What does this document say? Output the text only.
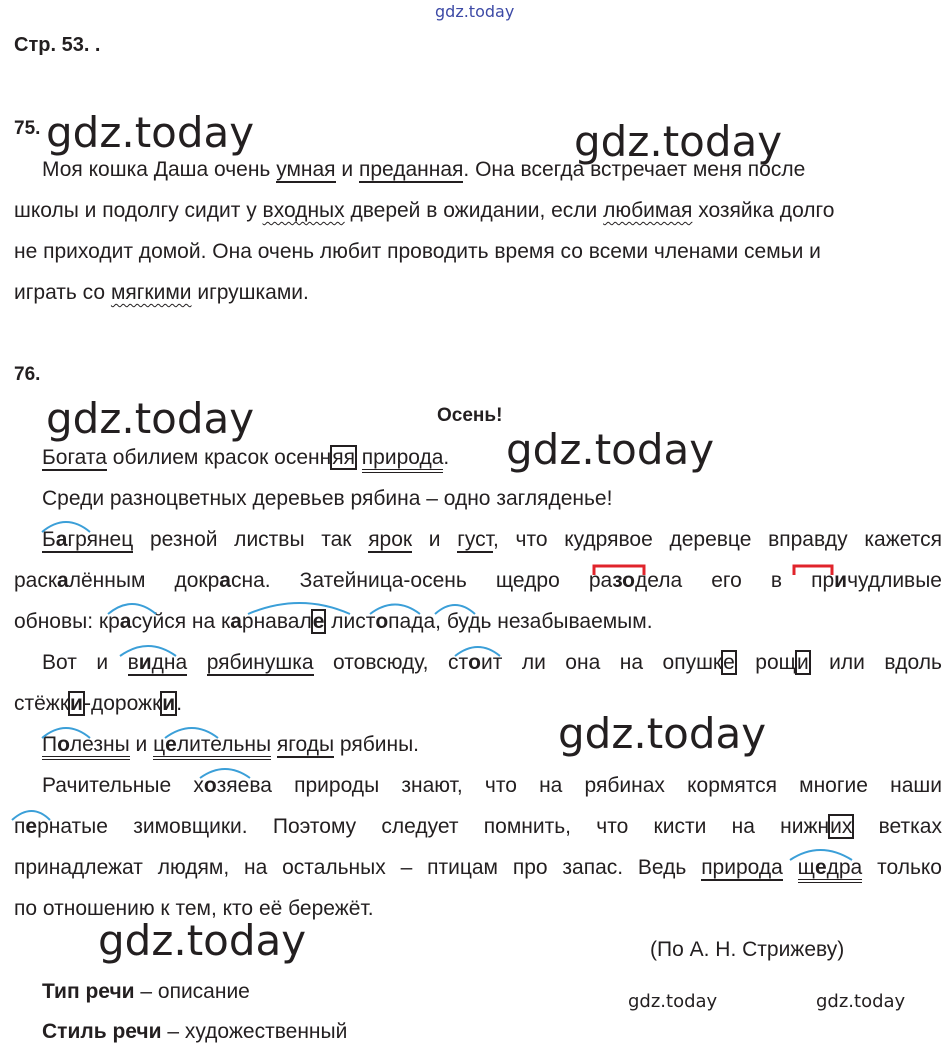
gdz.today
Стр. 53. .
75.
Моя кошка Даша очень умная и преданная. Она всегда встречает меня после
школы и подолгу сидит у входных дверей в ожидании, если любимая хозяйка долго
не приходит домой. Она очень любит проводить время со всеми членами семьи и
играть со мягкими игрушками.
76.
Осень!
Богата обилием красок осенняя природа.
Среди разноцветных деревьев рябина – одно загляденье!
Багрянец резной листвы так ярок и густ, что кудрявое деревце вправду кажется
раскалённым докрасна. Затейница-осень щедро разодела его в причудливые
обновы: красуйся на карнавале листопада, будь незабываемым.
Вот и видна рябинушка отовсюду, стоит ли она на опушке рощи или вдоль
стёжки-дорожки.
Полезны и целительны ягоды рябины.
Рачительные хозяева природы знают, что на рябинах кормятся многие наши
пернатые зимовщики. Поэтому следует помнить, что кисти на нижних ветках
принадлежат людям, на остальных – птицам про запас. Ведь природа щедра только
по отношению к тем, кто её бережёт.
(По А. Н. Стрижеву)
Тип речи – описание
Стиль речи – художественный
gdz.today	gdz.today
gdz.today
gdz.today
gdz.today
gdz.today
gdz.today	gdz.today
